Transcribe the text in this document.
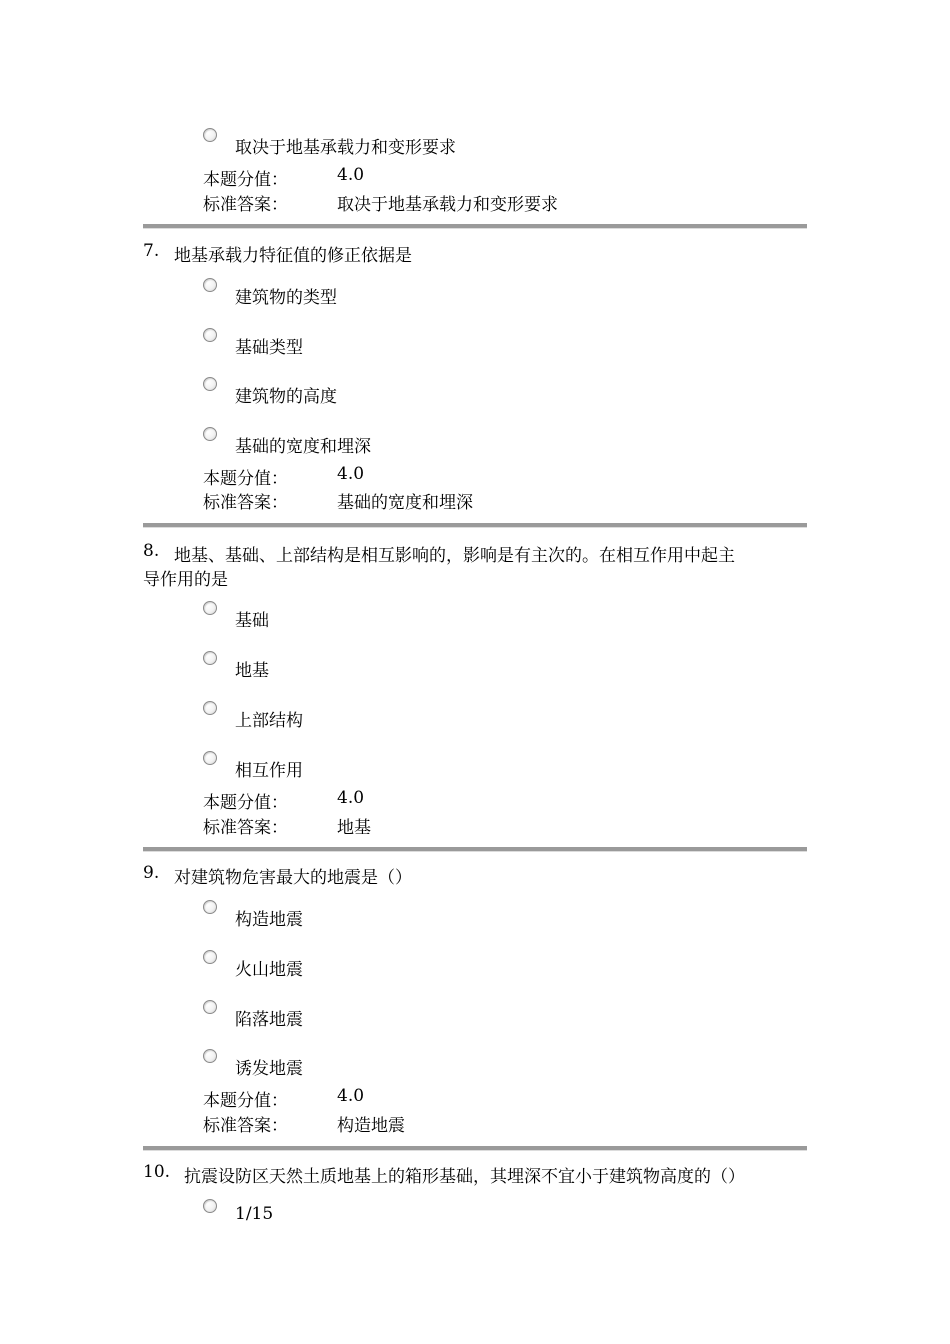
取决于地基承载力和变形要求
本题分值：	4.0
标准答案：	取决于地基承载力和变形要求
7. 地基承载力特征值的修正依据是
建筑物的类型
基础类型
建筑物的高度
基础的宽度和埋深
本题分值：	4.0
标准答案：	基础的宽度和埋深
8. 地基、基础、上部结构是相互影响的，影响是有主次的。在相互作用中起主
导作用的是
基础
地基
上部结构
相互作用
本题分值：	4.0
标准答案：	地基
9. 对建筑物危害最大的地震是（）
构造地震
火山地震
陷落地震
诱发地震
本题分值：	4.0
标准答案：	构造地震
10. 抗震设防区天然土质地基上的箱形基础，其埋深不宜小于建筑物高度的（）
1/15
